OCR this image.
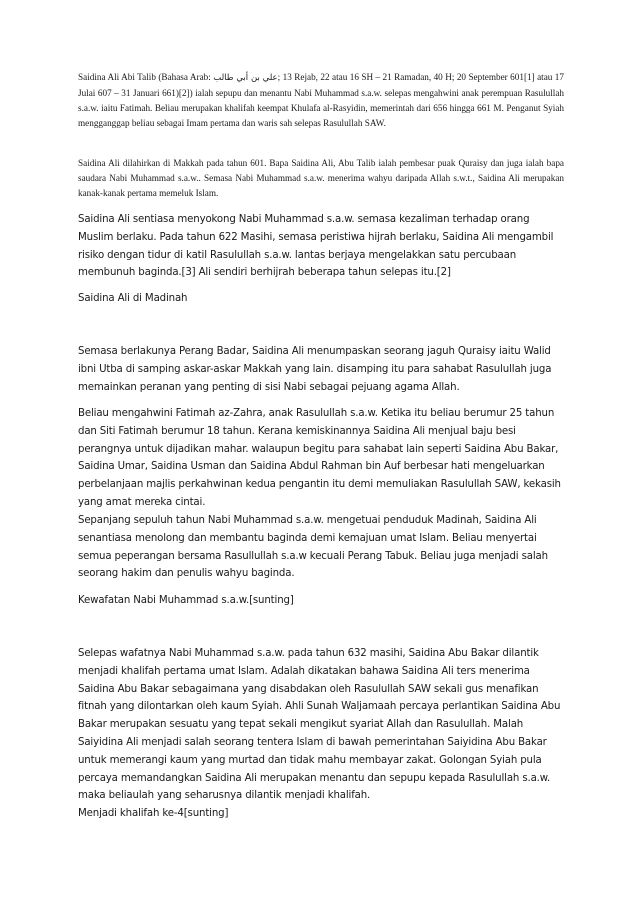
Saidina Ali Abi Talib (Bahasa Arab: علي بن أبي طالب; 13 Rejab, 22 atau 16 SH – 21 Ramadan, 40 H; 20 September 601[1] atau 17 Julai 607 – 31 Januari 661)[2]) ialah sepupu dan menantu Nabi Muhammad s.a.w. selepas mengahwini anak perempuan Rasulullah s.a.w. iaitu Fatimah. Beliau merupakan khalifah keempat Khulafa al-Rasyidin, memerintah dari 656 hingga 661 M. Penganut Syiah mengganggap beliau sebagai Imam pertama dan waris sah selepas Rasulullah SAW.

Saidina Ali dilahirkan di Makkah pada tahun 601. Bapa Saidina Ali, Abu Talib ialah pembesar puak Quraisy dan juga ialah bapa saudara Nabi Muhammad s.a.w.. Semasa Nabi Muhammad s.a.w. menerima wahyu daripada Allah s.w.t., Saidina Ali merupakan kanak-kanak pertama memeluk Islam.

Saidina Ali sentiasa menyokong Nabi Muhammad s.a.w. semasa kezaliman terhadap orang Muslim berlaku. Pada tahun 622 Masihi, semasa peristiwa hijrah berlaku, Saidina Ali mengambil risiko dengan tidur di katil Rasulullah s.a.w. lantas berjaya mengelakkan satu percubaan membunuh baginda.[3] Ali sendiri berhijrah beberapa tahun selepas itu.[2]

Saidina Ali di Madinah

Semasa berlakunya Perang Badar, Saidina Ali menumpaskan seorang jaguh Quraisy iaitu Walid ibni Utba di samping askar-askar Makkah yang lain. disamping itu para sahabat Rasulullah juga memainkan peranan yang penting di sisi Nabi sebagai pejuang agama Allah.

Beliau mengahwini Fatimah az-Zahra, anak Rasulullah s.a.w. Ketika itu beliau berumur 25 tahun dan Siti Fatimah berumur 18 tahun. Kerana kemiskinannya Saidina Ali menjual baju besi perangnya untuk dijadikan mahar. walaupun begitu para sahabat lain seperti Saidina Abu Bakar, Saidina Umar, Saidina Usman dan Saidina Abdul Rahman bin Auf berbesar hati mengeluarkan perbelanjaan majlis perkahwinan kedua pengantin itu demi memuliakan Rasulullah SAW, kekasih yang amat mereka cintai.

Sepanjang sepuluh tahun Nabi Muhammad s.a.w. mengetuai penduduk Madinah, Saidina Ali senantiasa menolong dan membantu baginda demi kemajuan umat Islam. Beliau menyertai semua peperangan bersama Rasullullah s.a.w kecuali Perang Tabuk. Beliau juga menjadi salah seorang hakim dan penulis wahyu baginda.

Kewafatan Nabi Muhammad s.a.w.[sunting]

Selepas wafatnya Nabi Muhammad s.a.w. pada tahun 632 masihi, Saidina Abu Bakar dilantik menjadi khalifah pertama umat Islam. Adalah dikatakan bahawa Saidina Ali ters menerima Saidina Abu Bakar sebagaimana yang disabdakan oleh Rasulullah SAW sekali gus menafikan fitnah yang dilontarkan oleh kaum Syiah. Ahli Sunah Waljamaah percaya perlantikan Saidina Abu Bakar merupakan sesuatu yang tepat sekali mengikut syariat Allah dan Rasulullah. Malah Saiyidina Ali menjadi salah seorang tentera Islam di bawah pemerintahan Saiyidina Abu Bakar untuk memerangi kaum yang murtad dan tidak mahu membayar zakat. Golongan Syiah pula percaya memandangkan Saidina Ali merupakan menantu dan sepupu kepada Rasulullah s.a.w. maka beliaulah yang seharusnya dilantik menjadi khalifah.

Menjadi khalifah ke-4[sunting]
